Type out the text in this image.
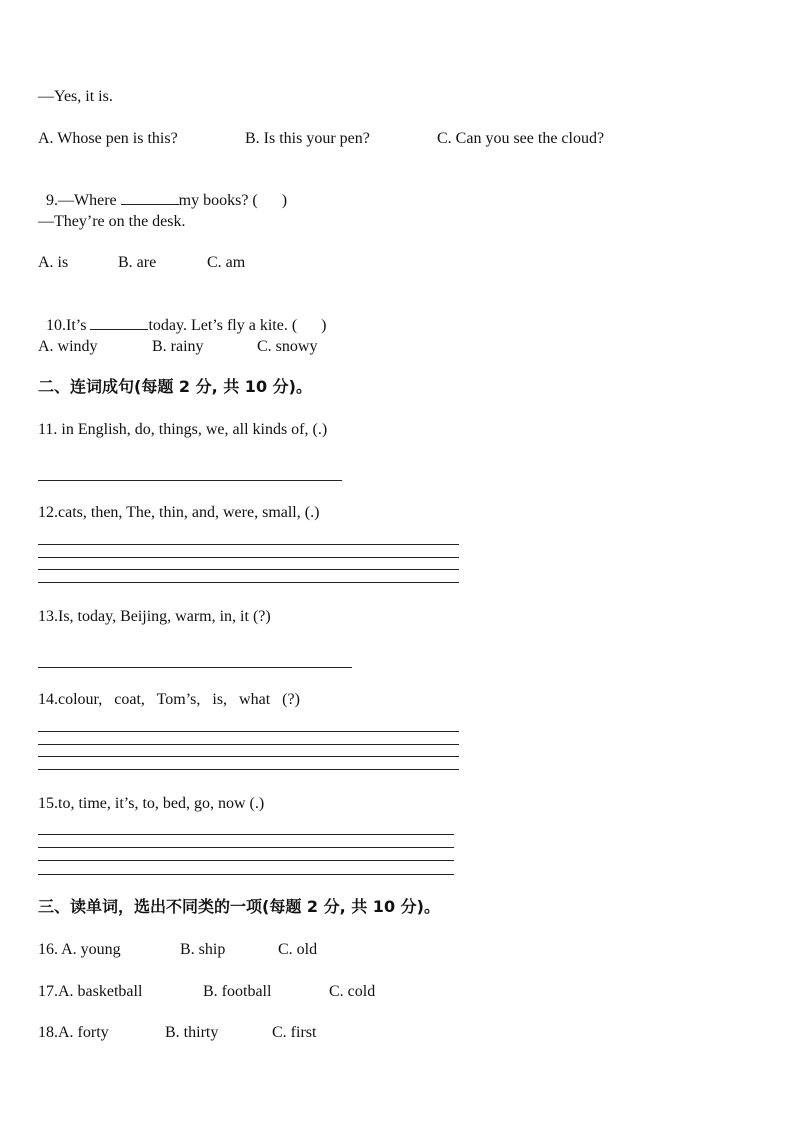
—Yes, it is.
A. Whose pen is this?	B. Is this your pen?	C. Can you see the cloud?

9.—Where	my books? (      )

—They’re on the desk.
A. is	B. are	C. am

10.It’s	today. Let’s fly a kite. (      )

A. windy	B. rainy	C. snowy
二、连词成句(每题 2 分, 共 10 分)。
11. in English, do, things, we, all kinds of, (.)
12.cats, then, The, thin, and, were, small, (.)
13.Is, today, Beijing, warm, in, it (?)
14.colour,   coat,   Tom’s,   is,   what   (?)
15.to, time, it’s, to, bed, go, now (.)
三、读单词，选出不同类的一项(每题 2 分, 共 10 分)。
16. A. young	B. ship	C. old
17.A. basketball	B. football	C. cold
18.A. forty	B. thirty	C. first
